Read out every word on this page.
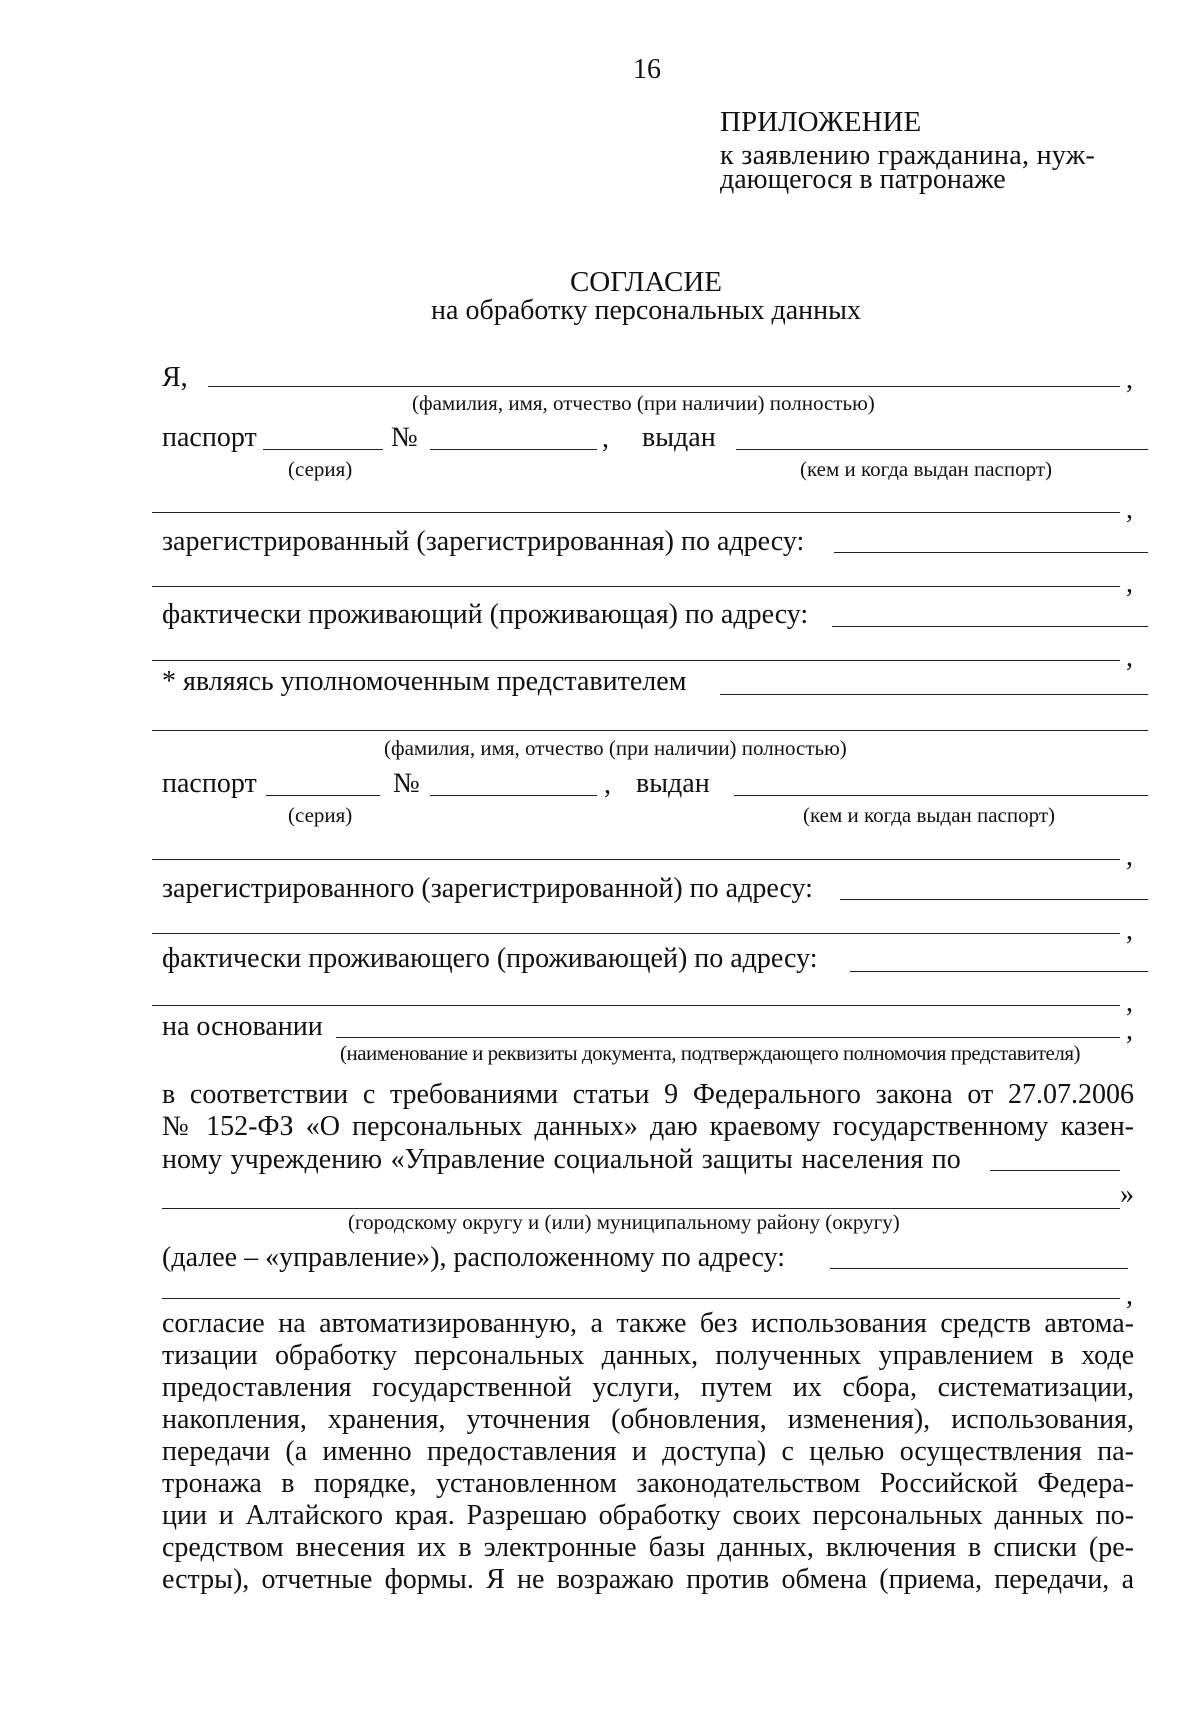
16
ПРИЛОЖЕНИЕ
к заявлению гражданина, нуж-
дающегося в патронаже
СОГЛАСИЕ
на обработку персональных данных
Я,	,
(фамилия, имя, отчество (при наличии) полностью)
паспорт	№	, выдан
(серия)	(кем и когда выдан паспорт)
,
зарегистрированный (зарегистрированная) по адресу:
,
фактически проживающий (проживающая) по адресу:
,
* являясь уполномоченным представителем
(фамилия, имя, отчество (при наличии) полностью)
паспорт	№	, выдан
(серия)	(кем и когда выдан паспорт)
,
зарегистрированного (зарегистрированной) по адресу:
,
фактически проживающего (проживающей) по адресу:
,
на основании	,
(наименование и реквизиты документа, подтверждающего полномочия представителя)
в соответствии с требованиями статьи 9 Федерального закона от 27.07.2006
№ 152-ФЗ «О персональных данных» даю краевому государственному казен-
ному учреждению «Управление социальной защиты населения по
»
(городскому округу и (или) муниципальному району (округу)
(далее – «управление»), расположенному по адресу:
,
согласие на автоматизированную, а также без использования средств автома-
тизации обработку персональных данных, полученных управлением в ходе
предоставления государственной услуги, путем их сбора, систематизации,
накопления, хранения, уточнения (обновления, изменения), использования,
передачи (а именно предоставления и доступа) с целью осуществления па-
тронажа в порядке, установленном законодательством Российской Федера-
ции и Алтайского края. Разрешаю обработку своих персональных данных по-
средством внесения их в электронные базы данных, включения в списки (ре-
естры), отчетные формы. Я не возражаю против обмена (приема, передачи, а
